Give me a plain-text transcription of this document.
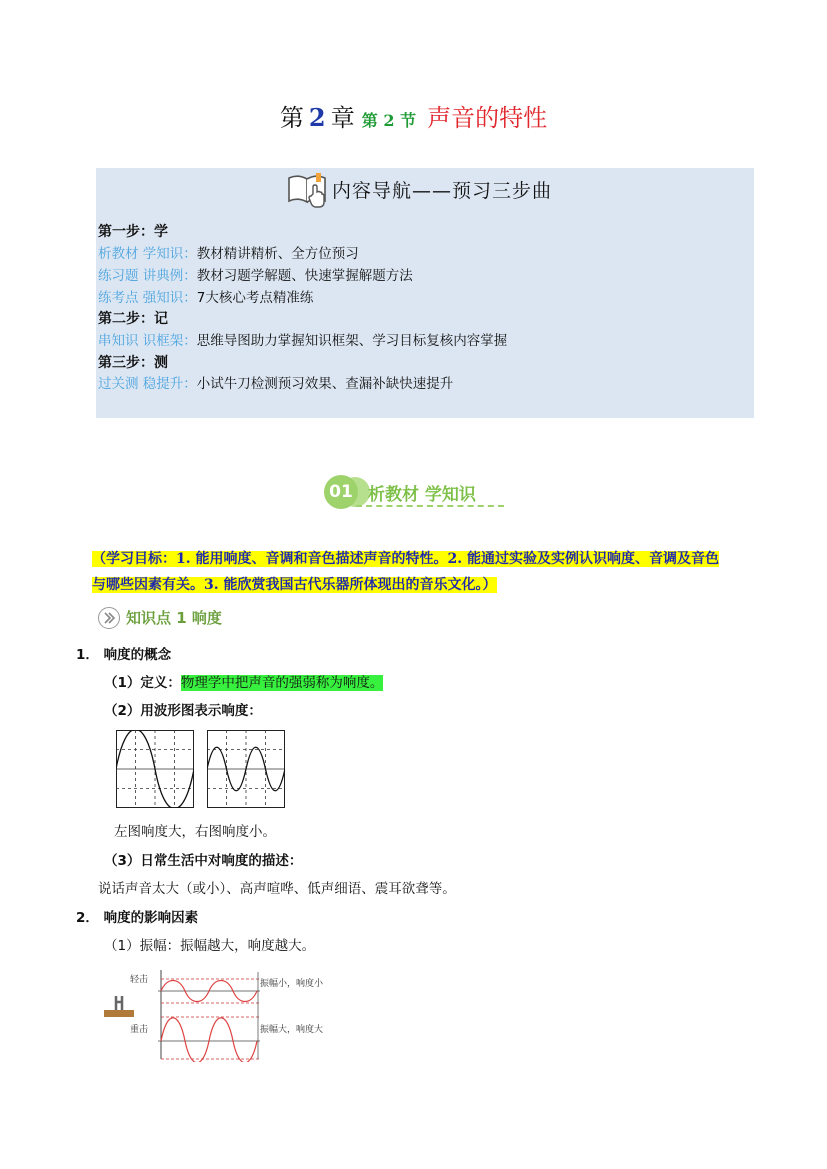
第 2 章 第 2 节 声音的特性
内容导航——预习三步曲
第一步：学
析教材 学知识：教材精讲精析、全方位预习
练习题 讲典例：教材习题学解题、快速掌握解题方法
练考点 强知识：7大核心考点精准练
第二步：记
串知识 识框架：思维导图助力掌握知识框架、学习目标复核内容掌握
第三步：测
过关测 稳提升：小试牛刀检测预习效果、查漏补缺快速提升
01 析教材 学知识
（学习目标：1. 能用响度、音调和音色描述声音的特性。2. 能通过实验及实例认识响度、音调及音色
与哪些因素有关。3. 能欣赏我国古代乐器所体现出的音乐文化。）
知识点 1 响度
1． 响度的概念
（1）定义：物理学中把声音的强弱称为响度。
（2）用波形图表示响度：
左图响度大，右图响度小。
（3）日常生活中对响度的描述：
说话声音太大（或小）、高声喧哗、低声细语、震耳欲聋等。
2． 响度的影响因素
（1）振幅：振幅越大，响度越大。
轻击
重击
振幅小，响度小
振幅大，响度大
